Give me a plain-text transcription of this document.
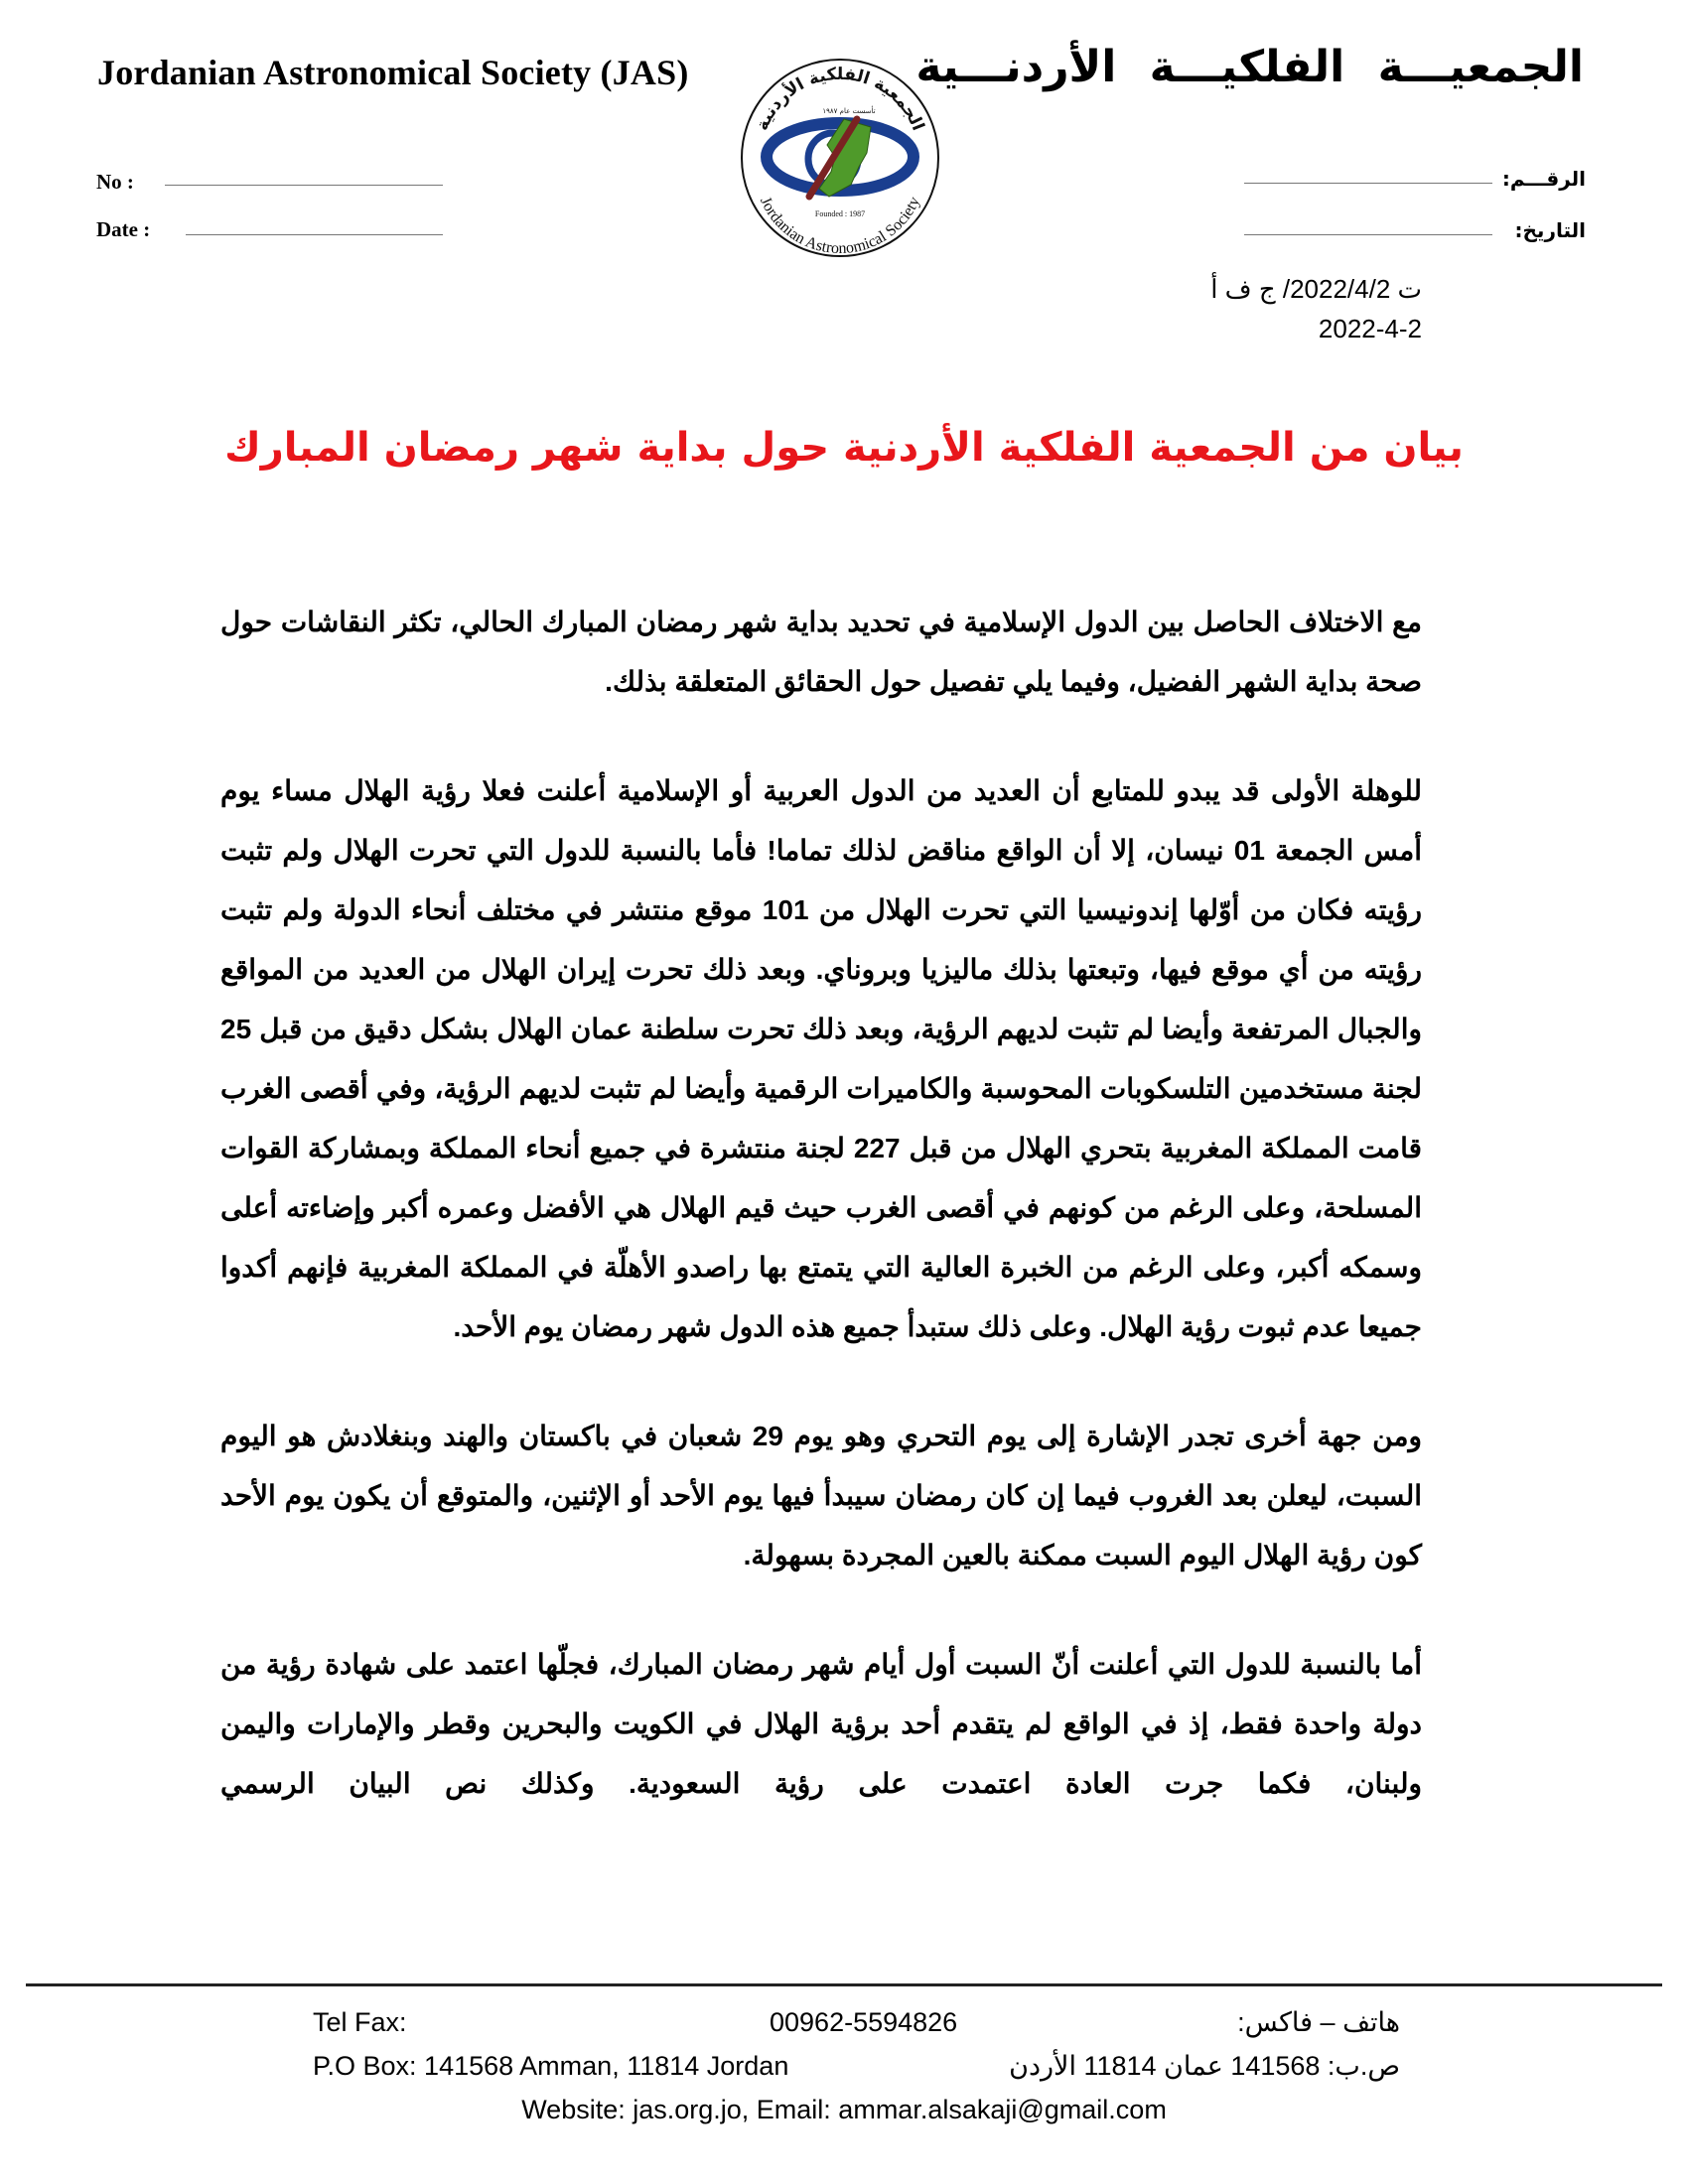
Jordanian Astronomical Society (JAS)	الجمعيـــة الفلكيـــة الأردنـــية
No :
Date :
الرقـــم:
التاريخ:
الجمعية الفلكية الأردنية
تأسست عام ١٩٨٧
Founded : 1987
Jordanian Astronomical Society
ت 2022/4/2/ ج ف أ
2022-4-2
بيان من الجمعية الفلكية الأردنية حول بداية شهر رمضان المبارك

مع الاختلاف الحاصل بين الدول الإسلامية في تحديد بداية شهر رمضان المبارك الحالي، تكثر النقاشات حول صحة بداية الشهر الفضيل، وفيما يلي تفصيل حول الحقائق المتعلقة بذلك.

للوهلة الأولى قد يبدو للمتابع أن العديد من الدول العربية أو الإسلامية أعلنت فعلا رؤية الهلال مساء يوم أمس الجمعة 01 نيسان، إلا أن الواقع مناقض لذلك تماما! فأما بالنسبة للدول التي تحرت الهلال ولم تثبت رؤيته فكان من أوّلها إندونيسيا التي تحرت الهلال من 101 موقع منتشر في مختلف أنحاء الدولة ولم تثبت رؤيته من أي موقع فيها، وتبعتها بذلك ماليزيا وبروناي. وبعد ذلك تحرت إيران الهلال من العديد من المواقع والجبال المرتفعة وأيضا لم تثبت لديهم الرؤية، وبعد ذلك تحرت سلطنة عمان الهلال بشكل دقيق من قبل 25 لجنة مستخدمين التلسكوبات المحوسبة والكاميرات الرقمية وأيضا لم تثبت لديهم الرؤية، وفي أقصى الغرب قامت المملكة المغربية بتحري الهلال من قبل 227 لجنة منتشرة في جميع أنحاء المملكة وبمشاركة القوات المسلحة، وعلى الرغم من كونهم في أقصى الغرب حيث قيم الهلال هي الأفضل وعمره أكبر وإضاءته أعلى وسمكه أكبر، وعلى الرغم من الخبرة العالية التي يتمتع بها راصدو الأهلّة في المملكة المغربية فإنهم أكدوا جميعا عدم ثبوت رؤية الهلال. وعلى ذلك ستبدأ جميع هذه الدول شهر رمضان يوم الأحد.

ومن جهة أخرى تجدر الإشارة إلى يوم التحري وهو يوم 29 شعبان في باكستان والهند وبنغلادش هو اليوم السبت، ليعلن بعد الغروب فيما إن كان رمضان سيبدأ فيها يوم الأحد أو الإثنين، والمتوقع أن يكون يوم الأحد كون رؤية الهلال اليوم السبت ممكنة بالعين المجردة بسهولة.

أما بالنسبة للدول التي أعلنت أنّ السبت أول أيام شهر رمضان المبارك، فجلّها اعتمد على شهادة رؤية من دولة واحدة فقط، إذ في الواقع لم يتقدم أحد برؤية الهلال في الكويت والبحرين وقطر والإمارات واليمن ولبنان، فكما جرت العادة اعتمدت على رؤية السعودية. وكذلك نص البيان الرسمي

Tel Fax:	00962-5594826	هاتف – فاكس:
P.O Box: 141568 Amman, 11814 Jordan	ص.ب: 141568 عمان 11814 الأردن
Website: jas.org.jo, Email: ammar.alsakaji@gmail.com
